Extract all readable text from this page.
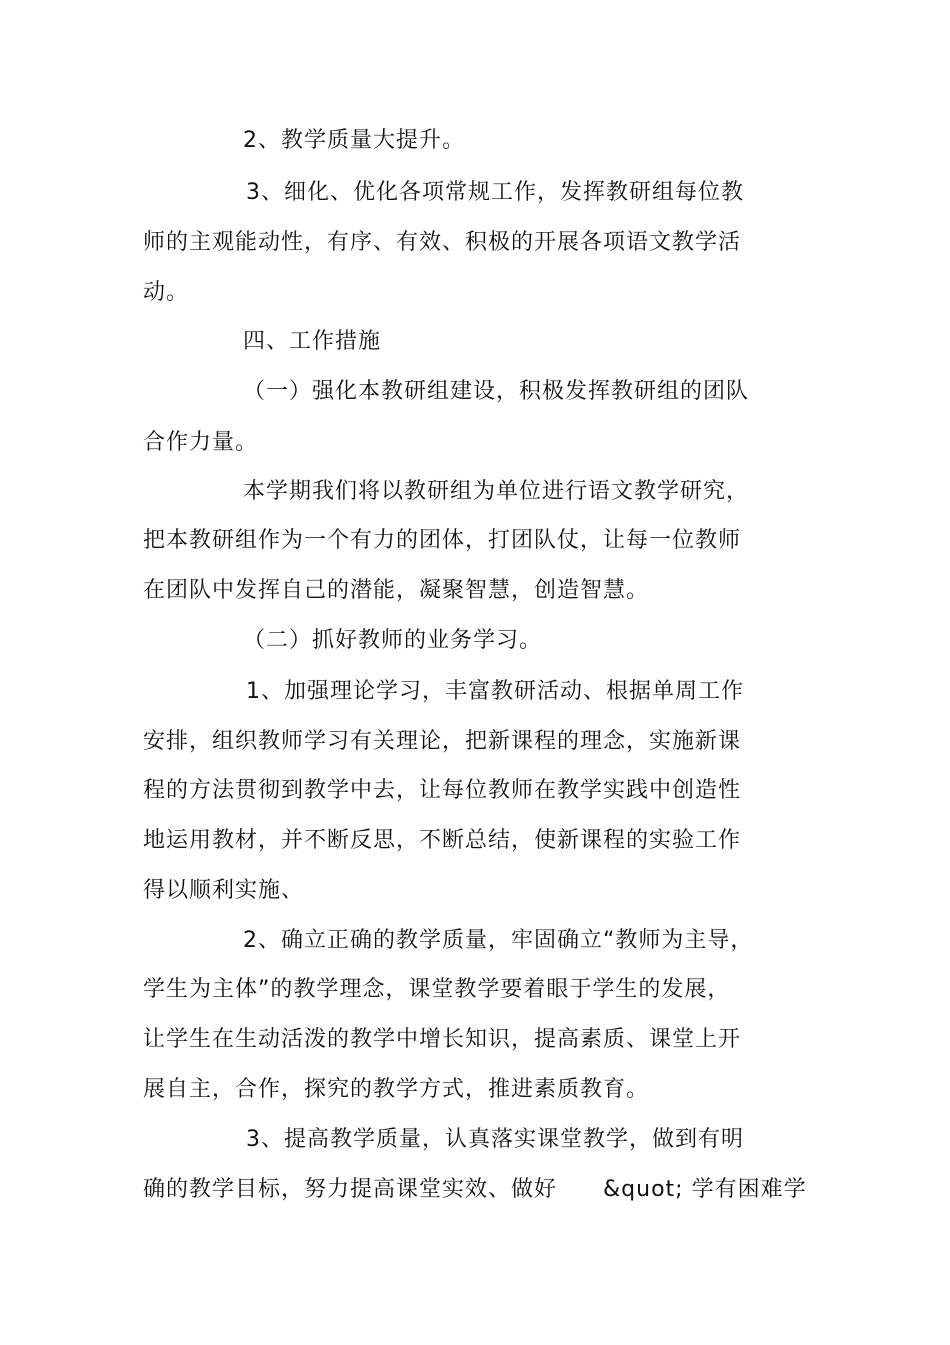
2、教学质量大提升。
3、细化、优化各项常规工作，发挥教研组每位教
师的主观能动性，有序、有效、积极的开展各项语文教学活
动。
四、工作措施
（一）强化本教研组建设，积极发挥教研组的团队
合作力量。
本学期我们将以教研组为单位进行语文教学研究，
把本教研组作为一个有力的团体，打团队仗，让每一位教师
在团队中发挥自己的潜能，凝聚智慧，创造智慧。
（二）抓好教师的业务学习。
1、加强理论学习，丰富教研活动、根据单周工作
安排，组织教师学习有关理论，把新课程的理念，实施新课
程的方法贯彻到教学中去，让每位教师在教学实践中创造性
地运用教材，并不断反思，不断总结，使新课程的实验工作
得以顺利实施、
2、确立正确的教学质量，牢固确立“教师为主导，
学生为主体”的教学理念，课堂教学要着眼于学生的发展，
让学生在生动活泼的教学中增长知识，提高素质、课堂上开
展自主，合作，探究的教学方式，推进素质教育。
3、提高教学质量，认真落实课堂教学，做到有明
确的教学目标，努力提高课堂实效、做好 &quot; 学有困难学
